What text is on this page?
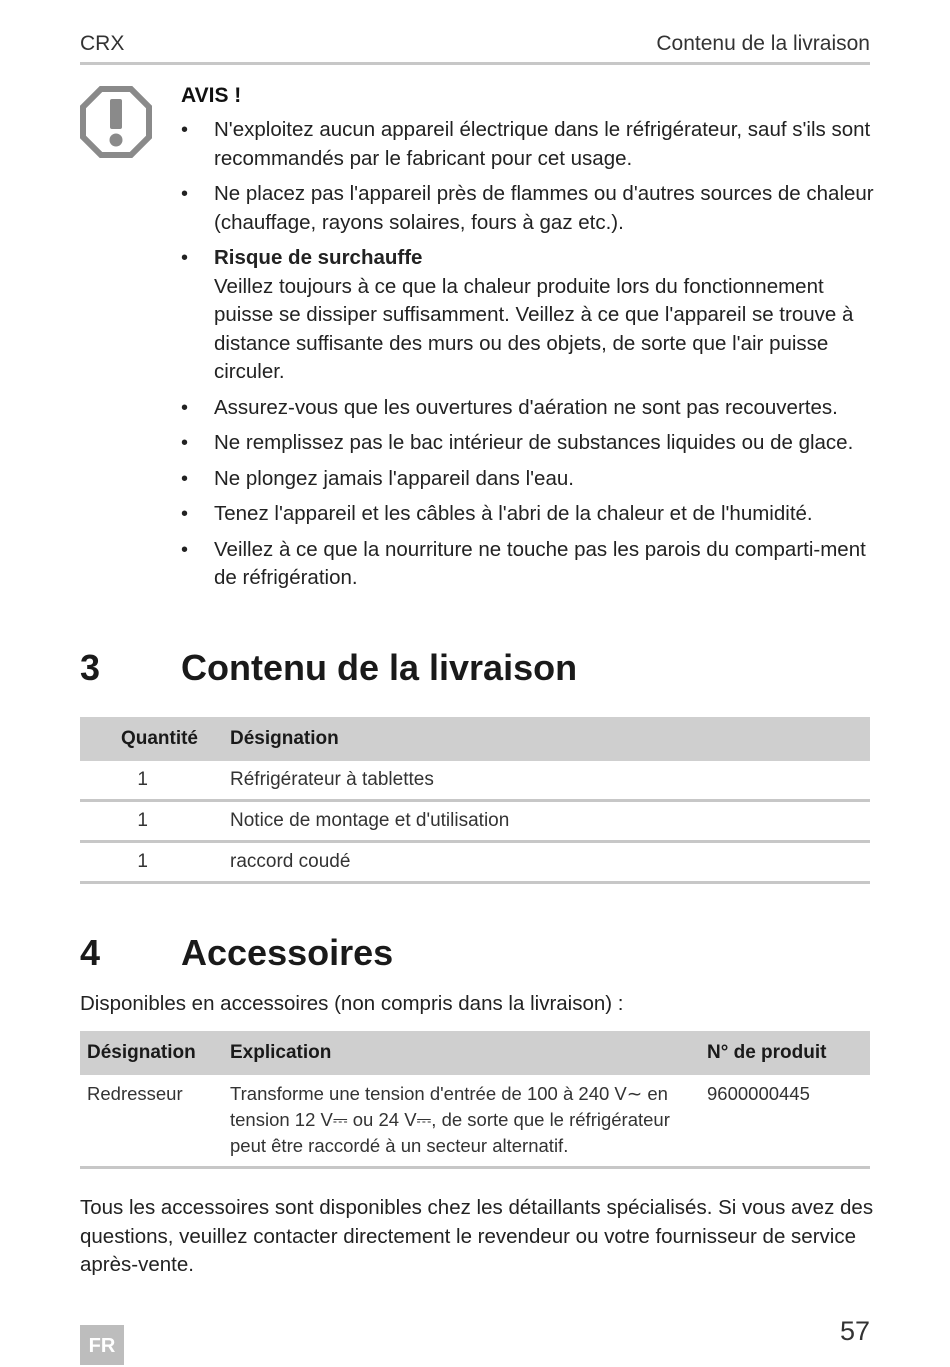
CRX	Contenu de la livraison
AVIS !
• N'exploitez aucun appareil électrique dans le réfrigérateur, sauf s'ils sont recommandés par le fabricant pour cet usage.
• Ne placez pas l'appareil près de flammes ou d'autres sources de chaleur (chauffage, rayons solaires, fours à gaz etc.).
• Risque de surchauffe
Veillez toujours à ce que la chaleur produite lors du fonctionnement puisse se dissiper suffisamment. Veillez à ce que l'appareil se trouve à distance suffisante des murs ou des objets, de sorte que l'air puisse circuler.
• Assurez-vous que les ouvertures d'aération ne sont pas recouvertes.
• Ne remplissez pas le bac intérieur de substances liquides ou de glace.
• Ne plongez jamais l'appareil dans l'eau.
• Tenez l'appareil et les câbles à l'abri de la chaleur et de l'humidité.
• Veillez à ce que la nourriture ne touche pas les parois du comparti-ment de réfrigération.
3 Contenu de la livraison
Quantité	Désignation
1	Réfrigérateur à tablettes
1	Notice de montage et d'utilisation
1	raccord coudé
4 Accessoires
Disponibles en accessoires (non compris dans la livraison) :
Désignation	Explication	N° de produit
Redresseur	Transforme une tension d'entrée de 100 à 240 V∼ en tension 12 V⎓ ou 24 V⎓, de sorte que le réfrigérateur peut être raccordé à un secteur alternatif.	9600000445
Tous les accessoires sont disponibles chez les détaillants spécialisés. Si vous avez des questions, veuillez contacter directement le revendeur ou votre fournisseur de service après-vente.
FR	57
